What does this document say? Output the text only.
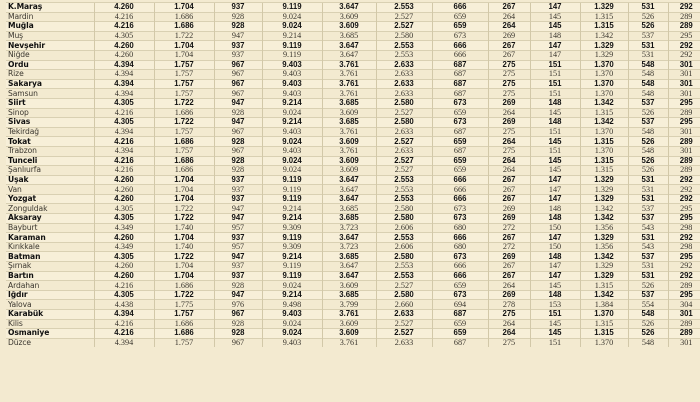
K.Maraş	4.260	1.704	937	9.119	3.647	2.553	666	267	147	1.329	531	292
Mardin	4.216	1.686	928	9.024	3.609	2.527	659	264	145	1.315	526	289
Muğla	4.216	1.686	928	9.024	3.609	2.527	659	264	145	1.315	526	289
Muş	4.305	1.722	947	9.214	3.685	2.580	673	269	148	1.342	537	295
Nevşehir	4.260	1.704	937	9.119	3.647	2.553	666	267	147	1.329	531	292
Niğde	4.260	1.704	937	9.119	3.647	2.553	666	267	147	1.329	531	292
Ordu	4.394	1.757	967	9.403	3.761	2.633	687	275	151	1.370	548	301
Rize	4.394	1.757	967	9.403	3.761	2.633	687	275	151	1.370	548	301
Sakarya	4.394	1.757	967	9.403	3.761	2.633	687	275	151	1.370	548	301
Samsun	4.394	1.757	967	9.403	3.761	2.633	687	275	151	1.370	548	301
Siirt	4.305	1.722	947	9.214	3.685	2.580	673	269	148	1.342	537	295
Sinop	4.216	1.686	928	9.024	3.609	2.527	659	264	145	1.315	526	289
Sivas	4.305	1.722	947	9.214	3.685	2.580	673	269	148	1.342	537	295
Tekirdağ	4.394	1.757	967	9.403	3.761	2.633	687	275	151	1.370	548	301
Tokat	4.216	1.686	928	9.024	3.609	2.527	659	264	145	1.315	526	289
Trabzon	4.394	1.757	967	9.403	3.761	2.633	687	275	151	1.370	548	301
Tunceli	4.216	1.686	928	9.024	3.609	2.527	659	264	145	1.315	526	289
Şanlıurfa	4.216	1.686	928	9.024	3.609	2.527	659	264	145	1.315	526	289
Uşak	4.260	1.704	937	9.119	3.647	2.553	666	267	147	1.329	531	292
Van	4.260	1.704	937	9.119	3.647	2.553	666	267	147	1.329	531	292
Yozgat	4.260	1.704	937	9.119	3.647	2.553	666	267	147	1.329	531	292
Zonguldak	4.305	1.722	947	9.214	3.685	2.580	673	269	148	1.342	537	295
Aksaray	4.305	1.722	947	9.214	3.685	2.580	673	269	148	1.342	537	295
Bayburt	4.349	1.740	957	9.309	3.723	2.606	680	272	150	1.356	543	298
Karaman	4.260	1.704	937	9.119	3.647	2.553	666	267	147	1.329	531	292
Kırıkkale	4.349	1.740	957	9.309	3.723	2.606	680	272	150	1.356	543	298
Batman	4.305	1.722	947	9.214	3.685	2.580	673	269	148	1.342	537	295
Şırnak	4.260	1.704	937	9.119	3.647	2.553	666	267	147	1.329	531	292
Bartın	4.260	1.704	937	9.119	3.647	2.553	666	267	147	1.329	531	292
Ardahan	4.216	1.686	928	9.024	3.609	2.527	659	264	145	1.315	526	289
Iğdır	4.305	1.722	947	9.214	3.685	2.580	673	269	148	1.342	537	295
Yalova	4.438	1.775	976	9.498	3.799	2.660	694	278	153	1.384	554	304
Karabük	4.394	1.757	967	9.403	3.761	2.633	687	275	151	1.370	548	301
Kilis	4.216	1.686	928	9.024	3.609	2.527	659	264	145	1.315	526	289
Osmaniye	4.216	1.686	928	9.024	3.609	2.527	659	264	145	1.315	526	289
Düzce	4.394	1.757	967	9.403	3.761	2.633	687	275	151	1.370	548	301
